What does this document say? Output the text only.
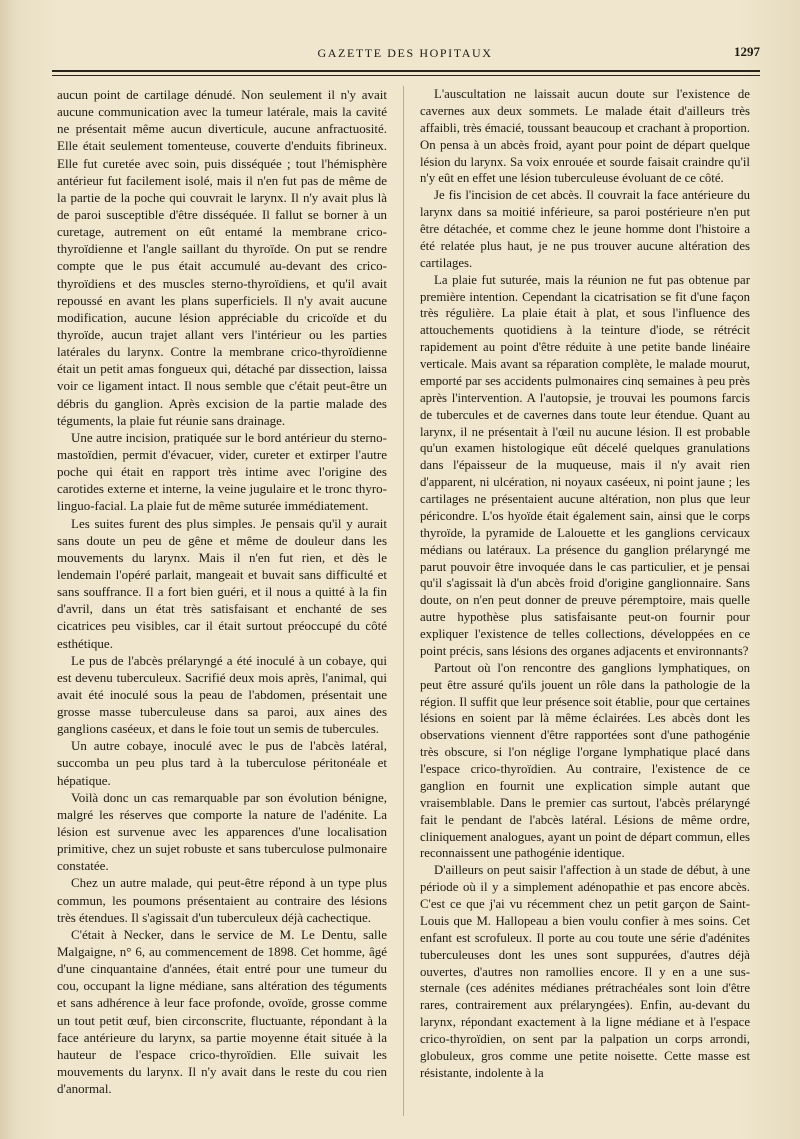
GAZETTE DES HOPITAUX	1297

aucun point de cartilage dénudé. Non seulement il n'y avait aucune communication avec la tumeur latérale, mais la cavité ne présentait même aucun diverticule, aucune anfractuosité. Elle était seulement tomenteuse, couverte d'enduits fibrineux. Elle fut curetée avec soin, puis disséquée ; tout l'hémisphère antérieur fut facilement isolé, mais il n'en fut pas de même de la partie de la poche qui couvrait le larynx. Il n'y avait plus là de paroi susceptible d'être disséquée. Il fallut se borner à un curetage, autrement on eût entamé la membrane crico-thyroïdienne et l'angle saillant du thyroïde. On put se rendre compte que le pus était accumulé au-devant des crico-thyroïdiens et des muscles sterno-thyroïdiens, et qu'il avait repoussé en avant les plans superficiels. Il n'y avait aucune modification, aucune lésion appréciable du cricoïde et du thyroïde, aucun trajet allant vers l'intérieur ou les parties latérales du larynx. Contre la membrane crico-thyroïdienne était un petit amas fongueux qui, détaché par dissection, laissa voir ce ligament intact. Il nous semble que c'était peut-être un débris du ganglion. Après excision de la partie malade des téguments, la plaie fut réunie sans drainage.

Une autre incision, pratiquée sur le bord antérieur du sterno-mastoïdien, permit d'évacuer, vider, cureter et extirper l'autre poche qui était en rapport très intime avec l'origine des carotides externe et interne, la veine jugulaire et le tronc thyro-linguo-facial. La plaie fut de même suturée immédiatement.

Les suites furent des plus simples. Je pensais qu'il y aurait sans doute un peu de gêne et même de douleur dans les mouvements du larynx. Mais il n'en fut rien, et dès le lendemain l'opéré parlait, mangeait et buvait sans difficulté et sans souffrance. Il a fort bien guéri, et il nous a quitté à la fin d'avril, dans un état très satisfaisant et enchanté de ses cicatrices peu visibles, car il était surtout préoccupé du côté esthétique.

Le pus de l'abcès prélaryngé a été inoculé à un cobaye, qui est devenu tuberculeux. Sacrifié deux mois après, l'animal, qui avait été inoculé sous la peau de l'abdomen, présentait une grosse masse tuberculeuse dans sa paroi, aux aines des ganglions caséeux, et dans le foie tout un semis de tubercules.

Un autre cobaye, inoculé avec le pus de l'abcès latéral, succomba un peu plus tard à la tuberculose péritonéale et hépatique.

Voilà donc un cas remarquable par son évolution bénigne, malgré les réserves que comporte la nature de l'adénite. La lésion est survenue avec les apparences d'une localisation primitive, chez un sujet robuste et sans tuberculose pulmonaire constatée.

Chez un autre malade, qui peut-être répond à un type plus commun, les poumons présentaient au contraire des lésions très étendues. Il s'agissait d'un tuberculeux déjà cachectique.

C'était à Necker, dans le service de M. Le Dentu, salle Malgaigne, n° 6, au commencement de 1898. Cet homme, âgé d'une cinquantaine d'années, était entré pour une tumeur du cou, occupant la ligne médiane, sans altération des téguments et sans adhérence à leur face profonde, ovoïde, grosse comme un tout petit œuf, bien circonscrite, fluctuante, répondant à la face antérieure du larynx, sa partie moyenne était située à la hauteur de l'espace crico-thyroïdien. Elle suivait les mouvements du larynx. Il n'y avait dans le reste du cou rien d'anormal.

L'auscultation ne laissait aucun doute sur l'existence de cavernes aux deux sommets. Le malade était d'ailleurs très affaibli, très émacié, toussant beaucoup et crachant à proportion. On pensa à un abcès froid, ayant pour point de départ quelque lésion du larynx. Sa voix enrouée et sourde faisait craindre qu'il n'y eût en effet une lésion tuberculeuse évoluant de ce côté.

Je fis l'incision de cet abcès. Il couvrait la face antérieure du larynx dans sa moitié inférieure, sa paroi postérieure n'en put être détachée, et comme chez le jeune homme dont l'histoire a été relatée plus haut, je ne pus trouver aucune altération des cartilages.

La plaie fut suturée, mais la réunion ne fut pas obtenue par première intention. Cependant la cicatrisation se fit d'une façon très régulière. La plaie était à plat, et sous l'influence des attouchements quotidiens à la teinture d'iode, se rétrécit rapidement au point d'être réduite à une petite bande linéaire verticale. Mais avant sa réparation complète, le malade mourut, emporté par ses accidents pulmonaires cinq semaines à peu près après l'intervention. A l'autopsie, je trouvai les poumons farcis de tubercules et de cavernes dans toute leur étendue. Quant au larynx, il ne présentait à l'œil nu aucune lésion. Il est probable qu'un examen histologique eût décelé quelques granulations dans l'épaisseur de la muqueuse, mais il n'y avait rien d'apparent, ni ulcération, ni noyaux caséeux, ni point jaune ; les cartilages ne présentaient aucune altération, non plus que leur péricondre. L'os hyoïde était également sain, ainsi que le corps thyroïde, la pyramide de Lalouette et les ganglions cervicaux médians ou latéraux. La présence du ganglion prélaryngé me parut pouvoir être invoquée dans le cas particulier, et je pensai qu'il s'agissait là d'un abcès froid d'origine ganglionnaire. Sans doute, on n'en peut donner de preuve péremptoire, mais quelle autre hypothèse plus satisfaisante peut-on fournir pour expliquer l'existence de telles collections, développées en ce point précis, sans lésions des organes adjacents et environnants?

Partout où l'on rencontre des ganglions lymphatiques, on peut être assuré qu'ils jouent un rôle dans la pathologie de la région. Il suffit que leur présence soit établie, pour que certaines lésions en soient par là même éclairées. Les abcès dont les observations viennent d'être rapportées sont d'une pathogénie très obscure, si l'on néglige l'organe lymphatique placé dans l'espace crico-thyroïdien. Au contraire, l'existence de ce ganglion en fournit une explication simple autant que vraisemblable. Dans le premier cas surtout, l'abcès prélaryngé fait le pendant de l'abcès latéral. Lésions de même ordre, cliniquement analogues, ayant un point de départ commun, elles reconnaissent une pathogénie identique.

D'ailleurs on peut saisir l'affection à un stade de début, à une période où il y a simplement adénopathie et pas encore abcès. C'est ce que j'ai vu récemment chez un petit garçon de Saint-Louis que M. Hallopeau a bien voulu confier à mes soins. Cet enfant est scrofuleux. Il porte au cou toute une série d'adénites tuberculeuses dont les unes sont suppurées, d'autres déjà ouvertes, d'autres non ramollies encore. Il y en a une sus-sternale (ces adénites médianes prétrachéales sont loin d'être rares, contrairement aux prélaryngées). Enfin, au-devant du larynx, répondant exactement à la ligne médiane et à l'espace crico-thyroïdien, on sent par la palpation un corps arrondi, globuleux, gros comme une petite noisette. Cette masse est résistante, indolente à la
